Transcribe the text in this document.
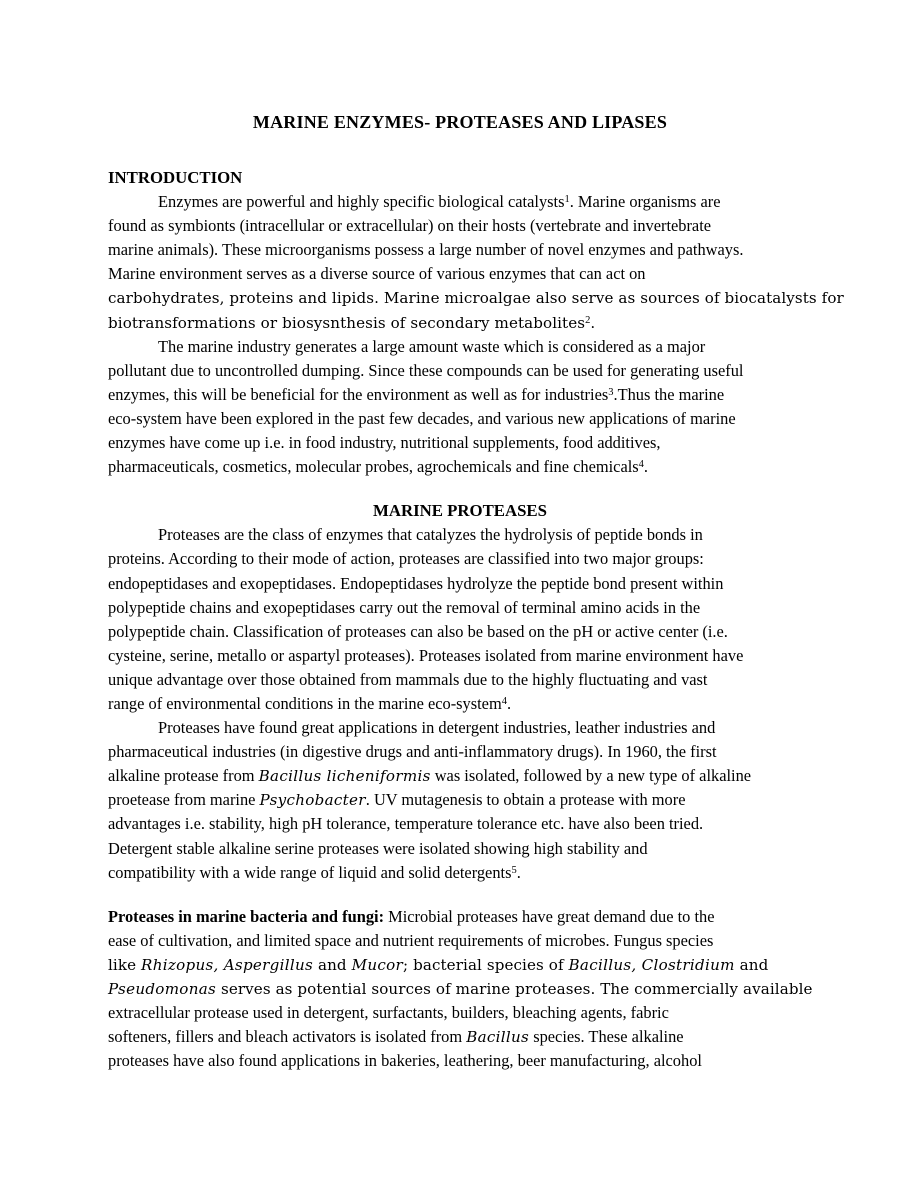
MARINE ENZYMES- PROTEASES AND LIPASES
INTRODUCTION
Enzymes are powerful and highly specific biological catalysts$^1$. Marine organisms are
found as symbionts (intracellular or extracellular) on their hosts (vertebrate and invertebrate
marine animals). These microorganisms possess a large number of novel enzymes and pathways.
Marine environment serves as a diverse source of various enzymes that can act on
carbohydrates, proteins and lipids. Marine microalgae also serve as sources of biocatalysts for
biotransformations or biosysnthesis of secondary metabolites$^2$.
The marine industry generates a large amount waste which is considered as a major
pollutant due to uncontrolled dumping. Since these compounds can be used for generating useful
enzymes, this will be beneficial for the environment as well as for industries$^3$.Thus the marine
eco-system have been explored in the past few decades, and various new applications of marine
enzymes have come up i.e. in food industry, nutritional supplements, food additives,
pharmaceuticals, cosmetics, molecular probes, agrochemicals and fine chemicals$^4$.
MARINE PROTEASES
Proteases are the class of enzymes that catalyzes the hydrolysis of peptide bonds in
proteins. According to their mode of action, proteases are classified into two major groups:
endopeptidases and exopeptidases. Endopeptidases hydrolyze the peptide bond present within
polypeptide chains and exopeptidases carry out the removal of terminal amino acids in the
polypeptide chain. Classification of proteases can also be based on the pH or active center (i.e.
cysteine, serine, metallo or aspartyl proteases). Proteases isolated from marine environment have
unique advantage over those obtained from mammals due to the highly fluctuating and vast
range of environmental conditions in the marine eco-system$^4$.
Proteases have found great applications in detergent industries, leather industries and
pharmaceutical industries (in digestive drugs and anti-inflammatory drugs). In 1960, the first
alkaline protease from Bacillus licheniformis was isolated, followed by a new type of alkaline
proetease from marine Psychobacter. UV mutagenesis to obtain a protease with more
advantages i.e. stability, high pH tolerance, temperature tolerance etc. have also been tried.
Detergent stable alkaline serine proteases were isolated showing high stability and
compatibility with a wide range of liquid and solid detergents$^5$.
Proteases in marine bacteria and fungi: Microbial proteases have great demand due to the
ease of cultivation, and limited space and nutrient requirements of microbes. Fungus species
like Rhizopus, Aspergillus and Mucor; bacterial species of Bacillus, Clostridium and
Pseudomonas serves as potential sources of marine proteases. The commercially available
extracellular protease used in detergent, surfactants, builders, bleaching agents, fabric
softeners, fillers and bleach activators is isolated from Bacillus species. These alkaline
proteases have also found applications in bakeries, leathering, beer manufacturing, alcohol
